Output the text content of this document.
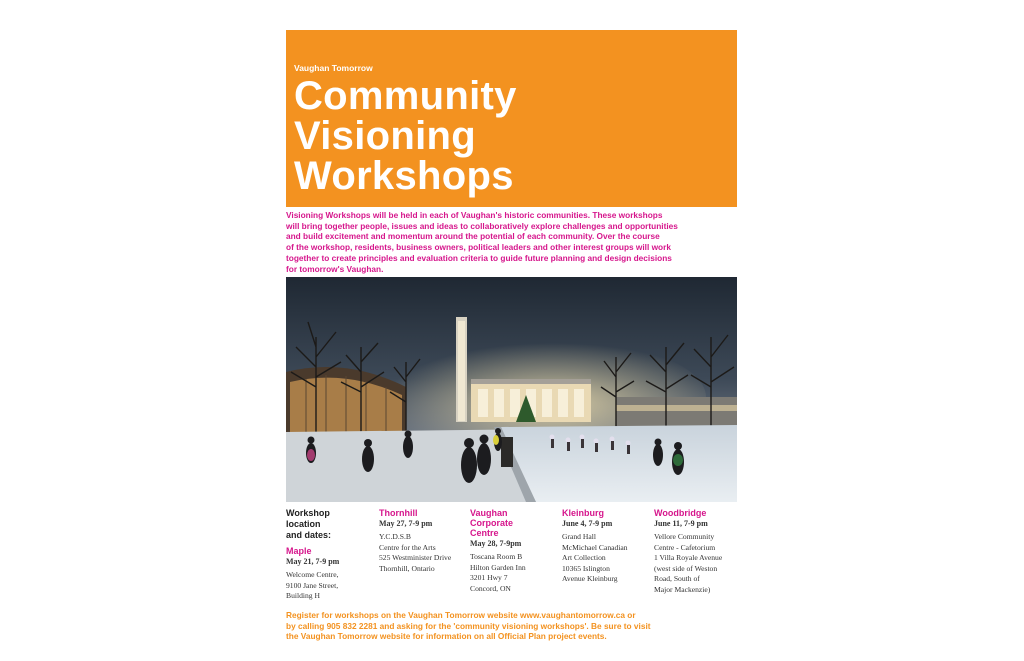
Vaughan Tomorrow
Community
Visioning
Workshops
Visioning Workshops will be held in each of Vaughan's historic communities. These workshops
will bring together people, issues and ideas to collaboratively explore challenges and opportunities
and build excitement and momentum around the potential of each community. Over the course
of the workshop, residents, business owners, political leaders and other interest groups will work
together to create principles and evaluation criteria to guide future planning and design decisions
for tomorrow's Vaughan.
Workshop
location
and dates:
Maple
May 21, 7-9 pm
Welcome Centre,
9100 Jane Street,
Building H
Thornhill
May 27, 7-9 pm
Y.C.D.S.B
Centre for the Arts
525 Westminister Drive
Thornhill, Ontario
Vaughan
Corporate
Centre
May 28, 7-9pm
Toscana Room B
Hilton Garden Inn
3201 Hwy 7
Concord, ON
Kleinburg
June 4, 7-9 pm
Grand Hall
McMichael Canadian
Art Collection
10365 Islington
Avenue Kleinburg
Woodbridge
June 11, 7-9 pm
Vellore Community
Centre - Cafetorium
1 Villa Royale Avenue
(west side of Weston
Road, South of
Major Mackenzie)
Register for workshops on the Vaughan Tomorrow website www.vaughantomorrow.ca or
by calling 905 832 2281 and asking for the 'community visioning workshops'. Be sure to visit
the Vaughan Tomorrow website for information on all Official Plan project events.
